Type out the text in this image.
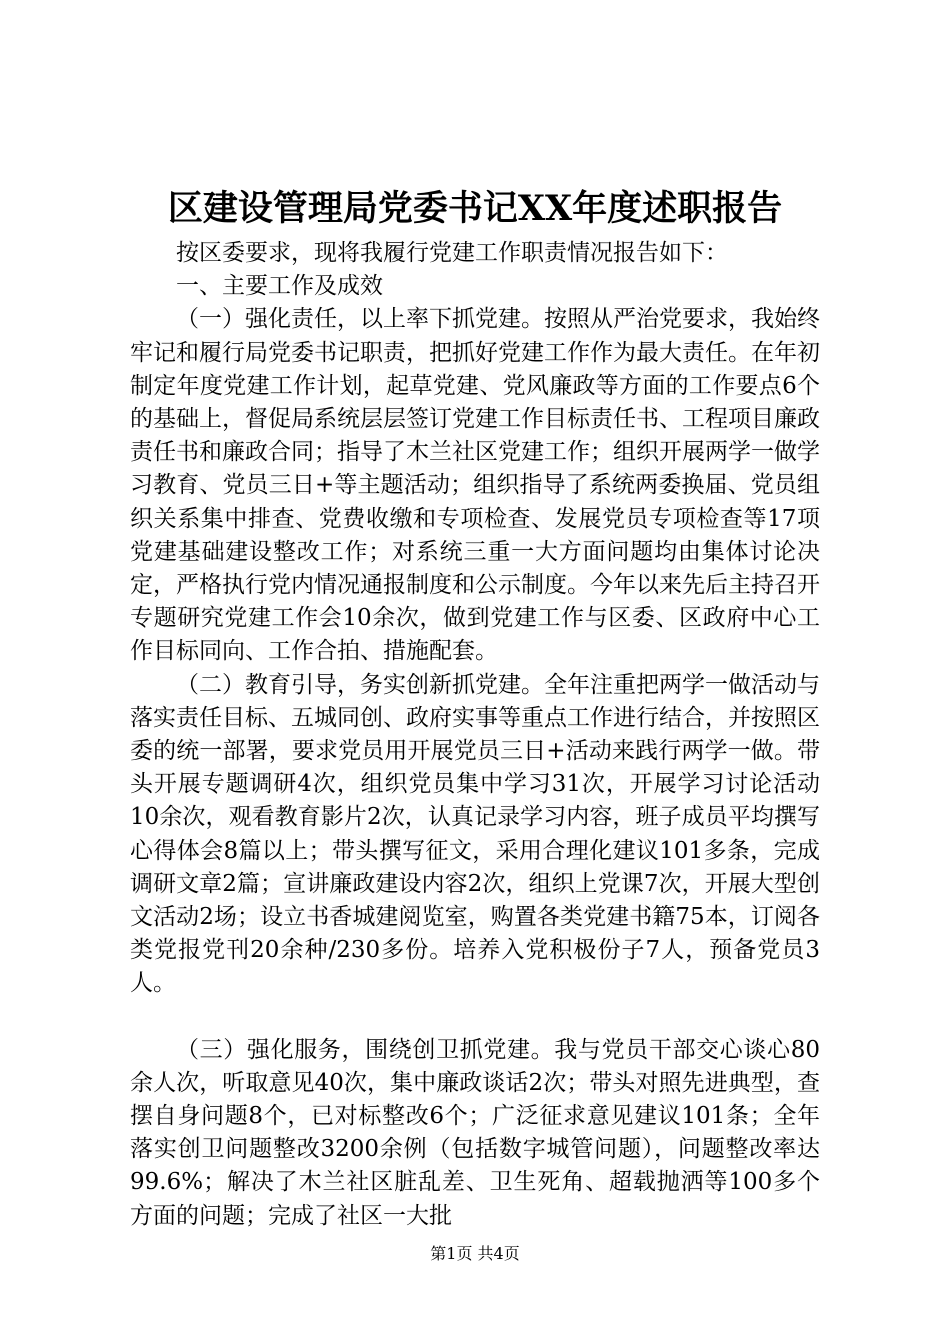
区建设管理局党委书记XX年度述职报告

按区委要求，现将我履行党建工作职责情况报告如下：

一、主要工作及成效

（一）强化责任，以上率下抓党建。按照从严治党要求，我始终牢记和履行局党委书记职责，把抓好党建工作作为最大责任。在年初制定年度党建工作计划，起草党建、党风廉政等方面的工作要点6个的基础上，督促局系统层层签订党建工作目标责任书、工程项目廉政责任书和廉政合同；指导了木兰社区党建工作；组织开展两学一做学习教育、党员三日+等主题活动；组织指导了系统两委换届、党员组织关系集中排查、党费收缴和专项检查、发展党员专项检查等17项党建基础建设整改工作；对系统三重一大方面问题均由集体讨论决定，严格执行党内情况通报制度和公示制度。今年以来先后主持召开专题研究党建工作会10余次，做到党建工作与区委、区政府中心工作目标同向、工作合拍、措施配套。

（二）教育引导，务实创新抓党建。全年注重把两学一做活动与落实责任目标、五城同创、政府实事等重点工作进行结合，并按照区委的统一部署，要求党员用开展党员三日+活动来践行两学一做。带头开展专题调研4次，组织党员集中学习31次，开展学习讨论活动10余次，观看教育影片2次，认真记录学习内容，班子成员平均撰写心得体会8篇以上；带头撰写征文，采用合理化建议101多条，完成调研文章2篇；宣讲廉政建设内容2次，组织上党课7次，开展大型创文活动2场；设立书香城建阅览室，购置各类党建书籍75本，订阅各类党报党刊20余种/230多份。培养入党积极份子7人，预备党员3人。

（三）强化服务，围绕创卫抓党建。我与党员干部交心谈心80余人次，听取意见40次，集中廉政谈话2次；带头对照先进典型，查摆自身问题8个，已对标整改6个；广泛征求意见建议101条；全年落实创卫问题整改3200余例（包括数字城管问题），问题整改率达99.6%；解决了木兰社区脏乱差、卫生死角、超载抛洒等100多个方面的问题；完成了社区一大批

第1页 共4页
